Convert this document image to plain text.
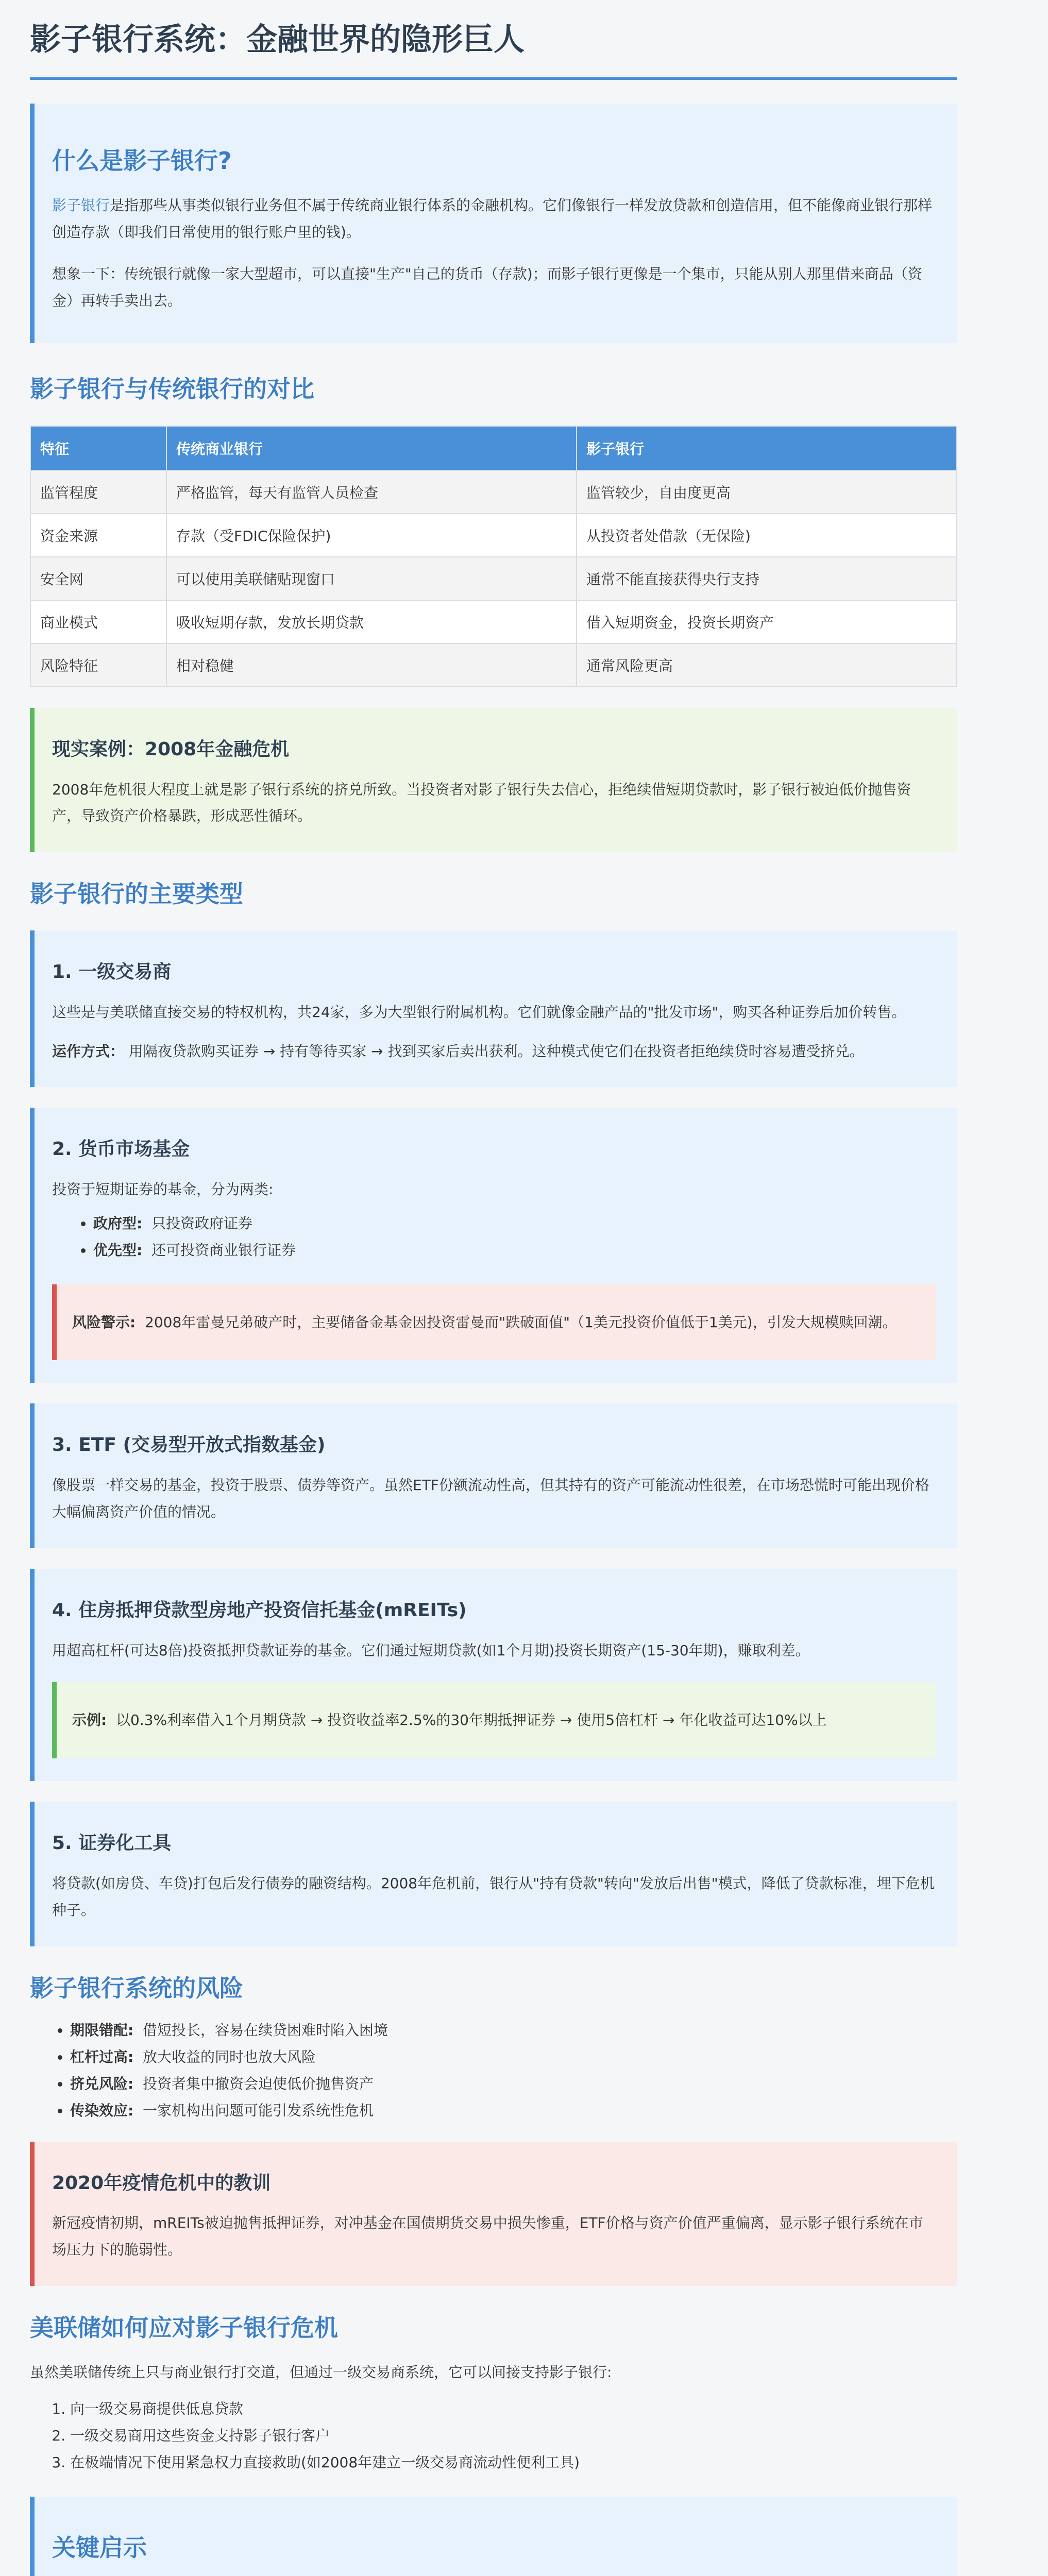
影子银行系统：金融世界的隐形巨人
什么是影子银行?

影子银行是指那些从事类似银行业务但不属于传统商业银行体系的金融机构。它们像银行一样发放贷款和创造信用，但不能像商业银行那样创造存款（即我们日常使用的银行账户里的钱)。

想象一下：传统银行就像一家大型超市，可以直接"生产"自己的货币（存款)；而影子银行更像是一个集市，只能从别人那里借来商品（资金）再转手卖出去。

影子银行与传统银行的对比
特征	传统商业银行	影子银行
监管程度	严格监管，每天有监管人员检查	监管较少，自由度更高
资金来源	存款（受FDIC保险保护)	从投资者处借款（无保险)
安全网	可以使用美联储贴现窗口	通常不能直接获得央行支持
商业模式	吸收短期存款，发放长期贷款	借入短期资金，投资长期资产
风险特征	相对稳健	通常风险更高
现实案例：2008年金融危机

2008年危机很大程度上就是影子银行系统的挤兑所致。当投资者对影子银行失去信心，拒绝续借短期贷款时，影子银行被迫低价抛售资产，导致资产价格暴跌，形成恶性循环。

影子银行的主要类型
1. 一级交易商

这些是与美联储直接交易的特权机构，共24家，多为大型银行附属机构。它们就像金融产品的"批发市场"，购买各种证券后加价转售。

运作方式： 用隔夜贷款购买证券 → 持有等待买家 → 找到买家后卖出获利。这种模式使它们在投资者拒绝续贷时容易遭受挤兑。

2. 货币市场基金

投资于短期证券的基金，分为两类:

• 政府型: 只投资政府证券
• 优先型: 还可投资商业银行证券

风险警示: 2008年雷曼兄弟破产时，主要储备金基金因投资雷曼而"跌破面值"（1美元投资价值低于1美元)，引发大规模赎回潮。

3. ETF (交易型开放式指数基金)

像股票一样交易的基金，投资于股票、债券等资产。虽然ETF份额流动性高，但其持有的资产可能流动性很差，在市场恐慌时可能出现价格大幅偏离资产价值的情况。

4. 住房抵押贷款型房地产投资信托基金(mREITs)

用超高杠杆(可达8倍)投资抵押贷款证券的基金。它们通过短期贷款(如1个月期)投资长期资产(15-30年期)，赚取利差。

示例: 以0.3%利率借入1个月期贷款 → 投资收益率2.5%的30年期抵押证券 → 使用5倍杠杆 → 年化收益可达10%以上

5. 证券化工具

将贷款(如房贷、车贷)打包后发行债券的融资结构。2008年危机前，银行从"持有贷款"转向"发放后出售"模式，降低了贷款标准，埋下危机种子。

影子银行系统的风险
• 期限错配: 借短投长，容易在续贷困难时陷入困境
• 杠杆过高: 放大收益的同时也放大风险
• 挤兑风险: 投资者集中撤资会迫使低价抛售资产
• 传染效应: 一家机构出问题可能引发系统性危机
2020年疫情危机中的教训

新冠疫情初期，mREITs被迫抛售抵押证券，对冲基金在国债期货交易中损失惨重，ETF价格与资产价值严重偏离，显示影子银行系统在市场压力下的脆弱性。

美联储如何应对影子银行危机

虽然美联储传统上只与商业银行打交道，但通过一级交易商系统，它可以间接支持影子银行:

1. 向一级交易商提供低息贷款
2. 一级交易商用这些资金支持影子银行客户
3. 在极端情况下使用紧急权力直接救助(如2008年建立一级交易商流动性便利工具)
关键启示
